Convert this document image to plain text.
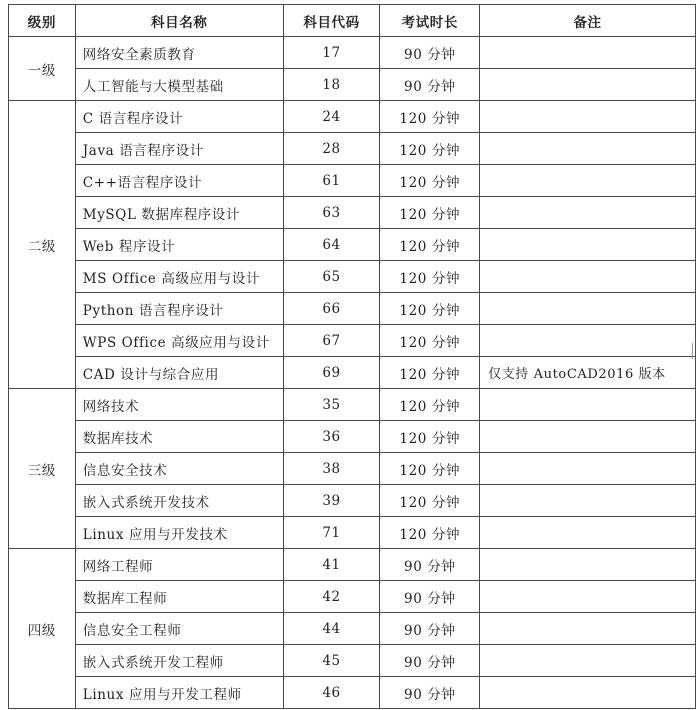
级别	科目名称	科目代码	考试时长	备注
一级	网络安全素质教育	17	90 分钟	
	人工智能与大模型基础	18	90 分钟	
二级	C 语言程序设计	24	120 分钟	
	Java 语言程序设计	28	120 分钟	
	C++语言程序设计	61	120 分钟	
	MySQL 数据库程序设计	63	120 分钟	
	Web 程序设计	64	120 分钟	
	MS Office 高级应用与设计	65	120 分钟	
	Python 语言程序设计	66	120 分钟	
	WPS Office 高级应用与设计	67	120 分钟	
	CAD 设计与综合应用	69	120 分钟	仅支持 AutoCAD2016 版本
三级	网络技术	35	120 分钟	
	数据库技术	36	120 分钟	
	信息安全技术	38	120 分钟	
	嵌入式系统开发技术	39	120 分钟	
	Linux 应用与开发技术	71	120 分钟	
四级	网络工程师	41	90 分钟	
	数据库工程师	42	90 分钟	
	信息安全工程师	44	90 分钟	
	嵌入式系统开发工程师	45	90 分钟	
	Linux 应用与开发工程师	46	90 分钟	
